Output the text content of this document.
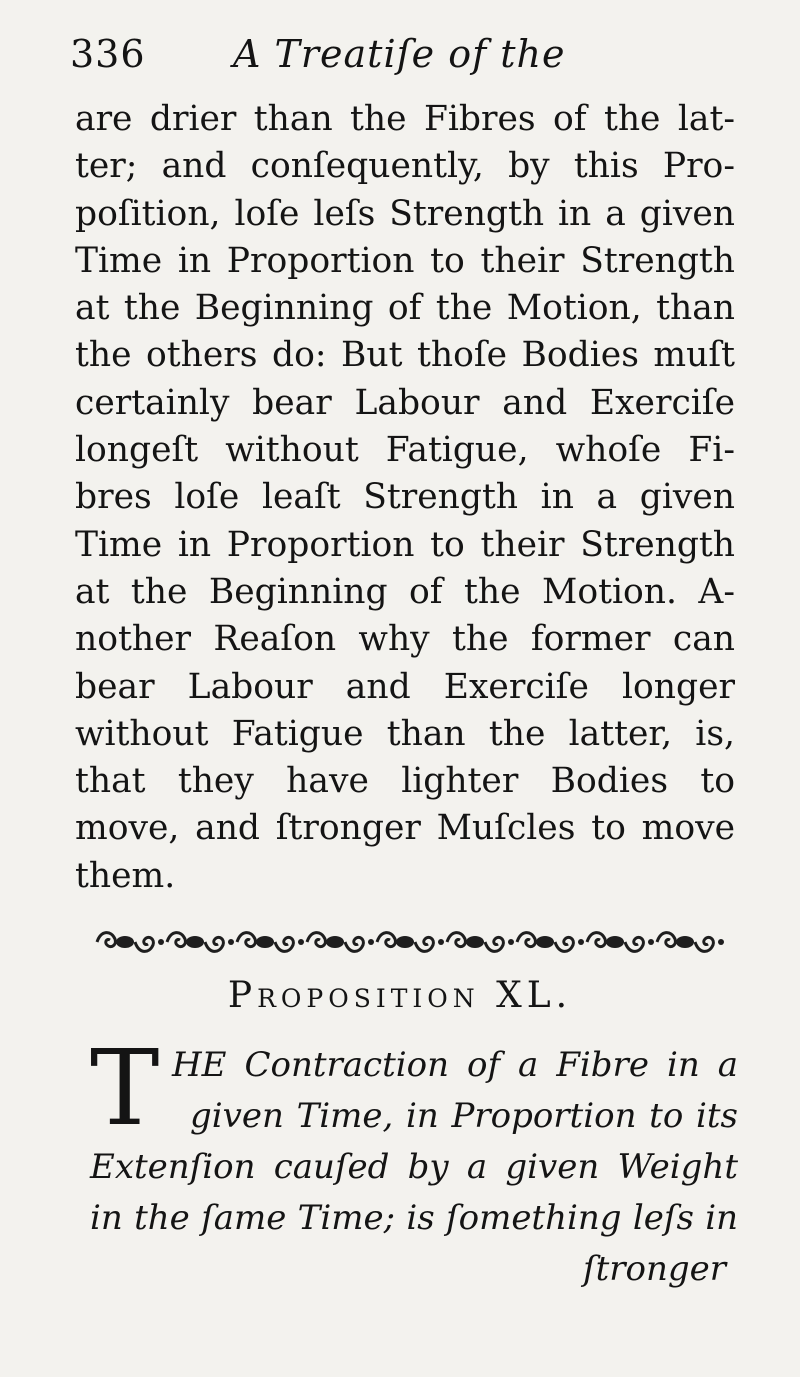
336 A Treatiſe of the
are drier than the Fibres of the lat-
ter; and conſequently, by this Pro-
poſition, loſe leſs Strength in a given
Time in Proportion to their Strength
at the Beginning of the Motion, than
the others do: But thoſe Bodies muſt
certainly bear Labour and Exerciſe
longeſt without Fatigue, whoſe Fi-
bres loſe leaſt Strength in a given
Time in Proportion to their Strength
at the Beginning of the Motion. A-
nother Reaſon why the former can
bear Labour and Exerciſe longer
without Fatigue than the latter, is,
that they have lighter Bodies to
move, and ſtronger Muſcles to move
them.
Proposition XL.
T HE Contraction of a Fibre in a
given Time, in Proportion to its
Extenſion cauſed by a given Weight
in the ſame Time; is ſomething leſs in
ſtronger
